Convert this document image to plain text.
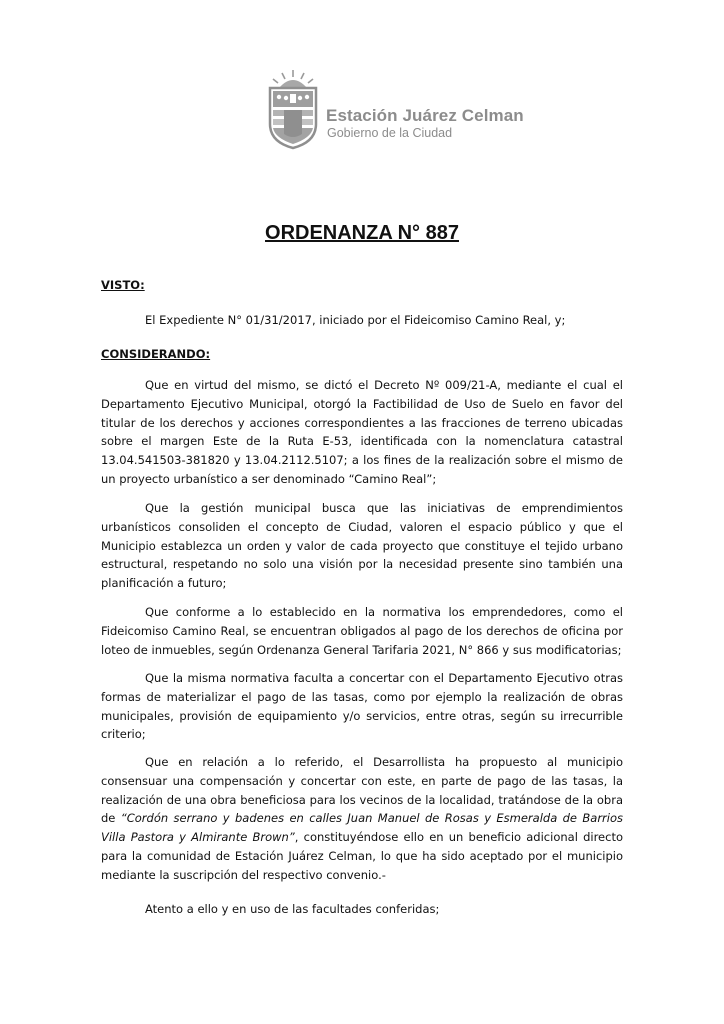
Estación Juárez Celman
Gobierno de la Ciudad
ORDENANZA N° 887
VISTO:

El Expediente N° 01/31/2017, iniciado por el Fideicomiso Camino Real, y;

CONSIDERANDO:

Que en virtud del mismo, se dictó el Decreto Nº 009/21-A, mediante el cual el Departamento Ejecutivo Municipal, otorgó la Factibilidad de Uso de Suelo en favor del titular de los derechos y acciones correspondientes a las fracciones de terreno ubicadas sobre el margen Este de la Ruta E-53, identificada con la nomenclatura catastral 13.04.541503-381820 y 13.04.2112.5107; a los fines de la realización sobre el mismo de un proyecto urbanístico a ser denominado “Camino Real”;

Que la gestión municipal busca que las iniciativas de emprendimientos urbanísticos consoliden el concepto de Ciudad, valoren el espacio público y que el Municipio establezca un orden y valor de cada proyecto que constituye el tejido urbano estructural, respetando no solo una visión por la necesidad presente sino también una planificación a futuro;

Que conforme a lo establecido en la normativa los emprendedores, como el Fideicomiso Camino Real, se encuentran obligados al pago de los derechos de oficina por loteo de inmuebles, según Ordenanza General Tarifaria 2021, N° 866 y sus modificatorias;

Que la misma normativa faculta a concertar con el Departamento Ejecutivo otras formas de materializar el pago de las tasas, como por ejemplo la realización de obras municipales, provisión de equipamiento y/o servicios, entre otras, según su irrecurrible criterio;

Que en relación a lo referido, el Desarrollista ha propuesto al municipio consensuar una compensación y concertar con este, en parte de pago de las tasas, la realización de una obra beneficiosa para los vecinos de la localidad, tratándose de la obra de “Cordón serrano y badenes en calles Juan Manuel de Rosas y Esmeralda de Barrios Villa Pastora y Almirante Brown”, constituyéndose ello en un beneficio adicional directo para la comunidad de Estación Juárez Celman, lo que ha sido aceptado por el municipio mediante la suscripción del respectivo convenio.-

Atento a ello y en uso de las facultades conferidas;
